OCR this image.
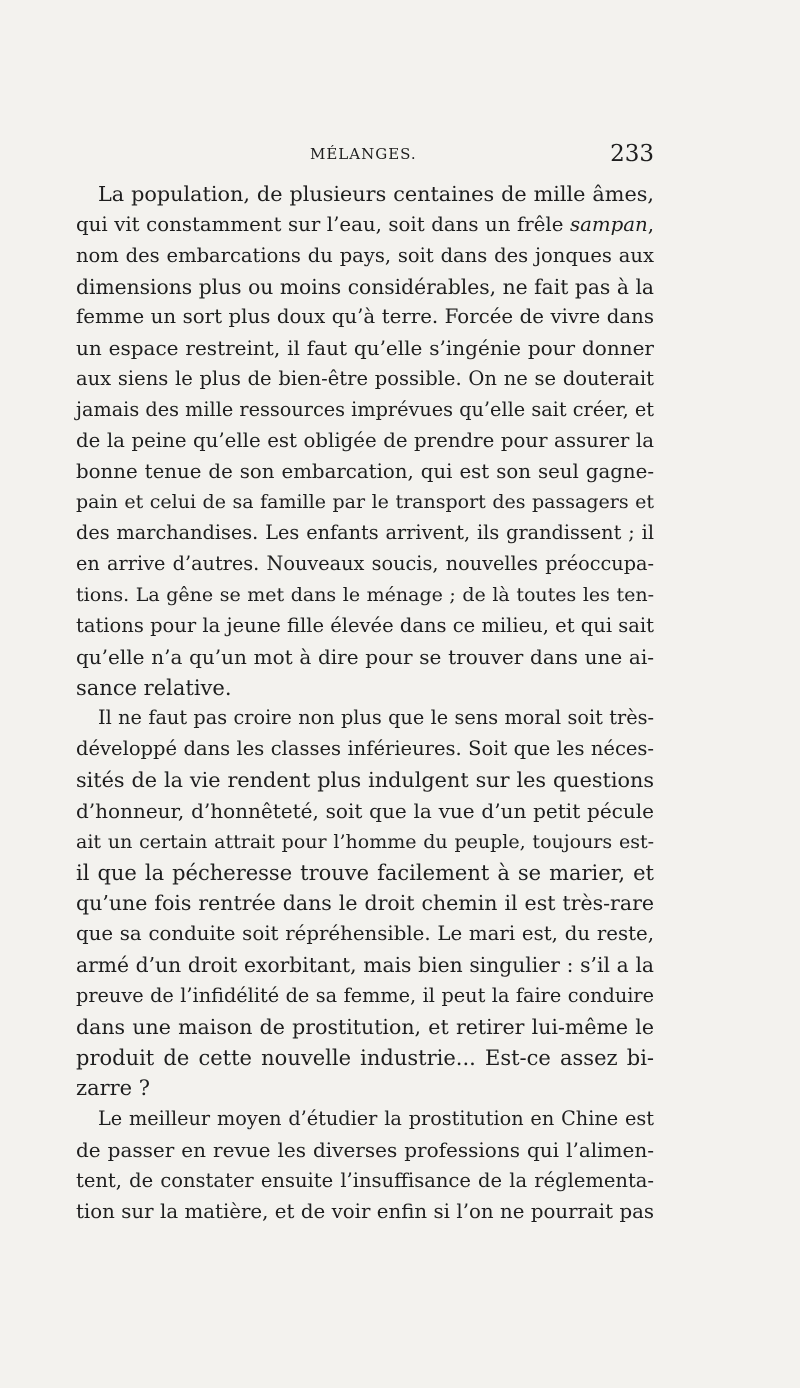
MÉLANGES.	233
La population, de plusieurs centaines de mille âmes,
qui vit constamment sur l’eau, soit dans un frêle sampan,
nom des embarcations du pays, soit dans des jonques aux
dimensions plus ou moins considérables, ne fait pas à la
femme un sort plus doux qu’à terre. Forcée de vivre dans
un espace restreint, il faut qu’elle s’ingénie pour donner
aux siens le plus de bien-être possible. On ne se douterait
jamais des mille ressources imprévues qu’elle sait créer, et
de la peine qu’elle est obligée de prendre pour assurer la
bonne tenue de son embarcation, qui est son seul gagne-
pain et celui de sa famille par le transport des passagers et
des marchandises. Les enfants arrivent, ils grandissent ; il
en arrive d’autres. Nouveaux soucis, nouvelles préoccupa-
tions. La gêne se met dans le ménage ; de là toutes les ten-
tations pour la jeune fille élevée dans ce milieu, et qui sait
qu’elle n’a qu’un mot à dire pour se trouver dans une ai-
sance relative.
Il ne faut pas croire non plus que le sens moral soit très-
développé dans les classes inférieures. Soit que les néces-
sités de la vie rendent plus indulgent sur les questions
d’honneur, d’honnêteté, soit que la vue d’un petit pécule
ait un certain attrait pour l’homme du peuple, toujours est-
il que la pécheresse trouve facilement à se marier, et
qu’une fois rentrée dans le droit chemin il est très-rare
que sa conduite soit répréhensible. Le mari est, du reste,
armé d’un droit exorbitant, mais bien singulier : s’il a la
preuve de l’infidélité de sa femme, il peut la faire conduire
dans une maison de prostitution, et retirer lui-même le
produit de cette nouvelle industrie... Est-ce assez bi-
zarre ?
Le meilleur moyen d’étudier la prostitution en Chine est
de passer en revue les diverses professions qui l’alimen-
tent, de constater ensuite l’insuffisance de la réglementa-
tion sur la matière, et de voir enfin si l’on ne pourrait pas
